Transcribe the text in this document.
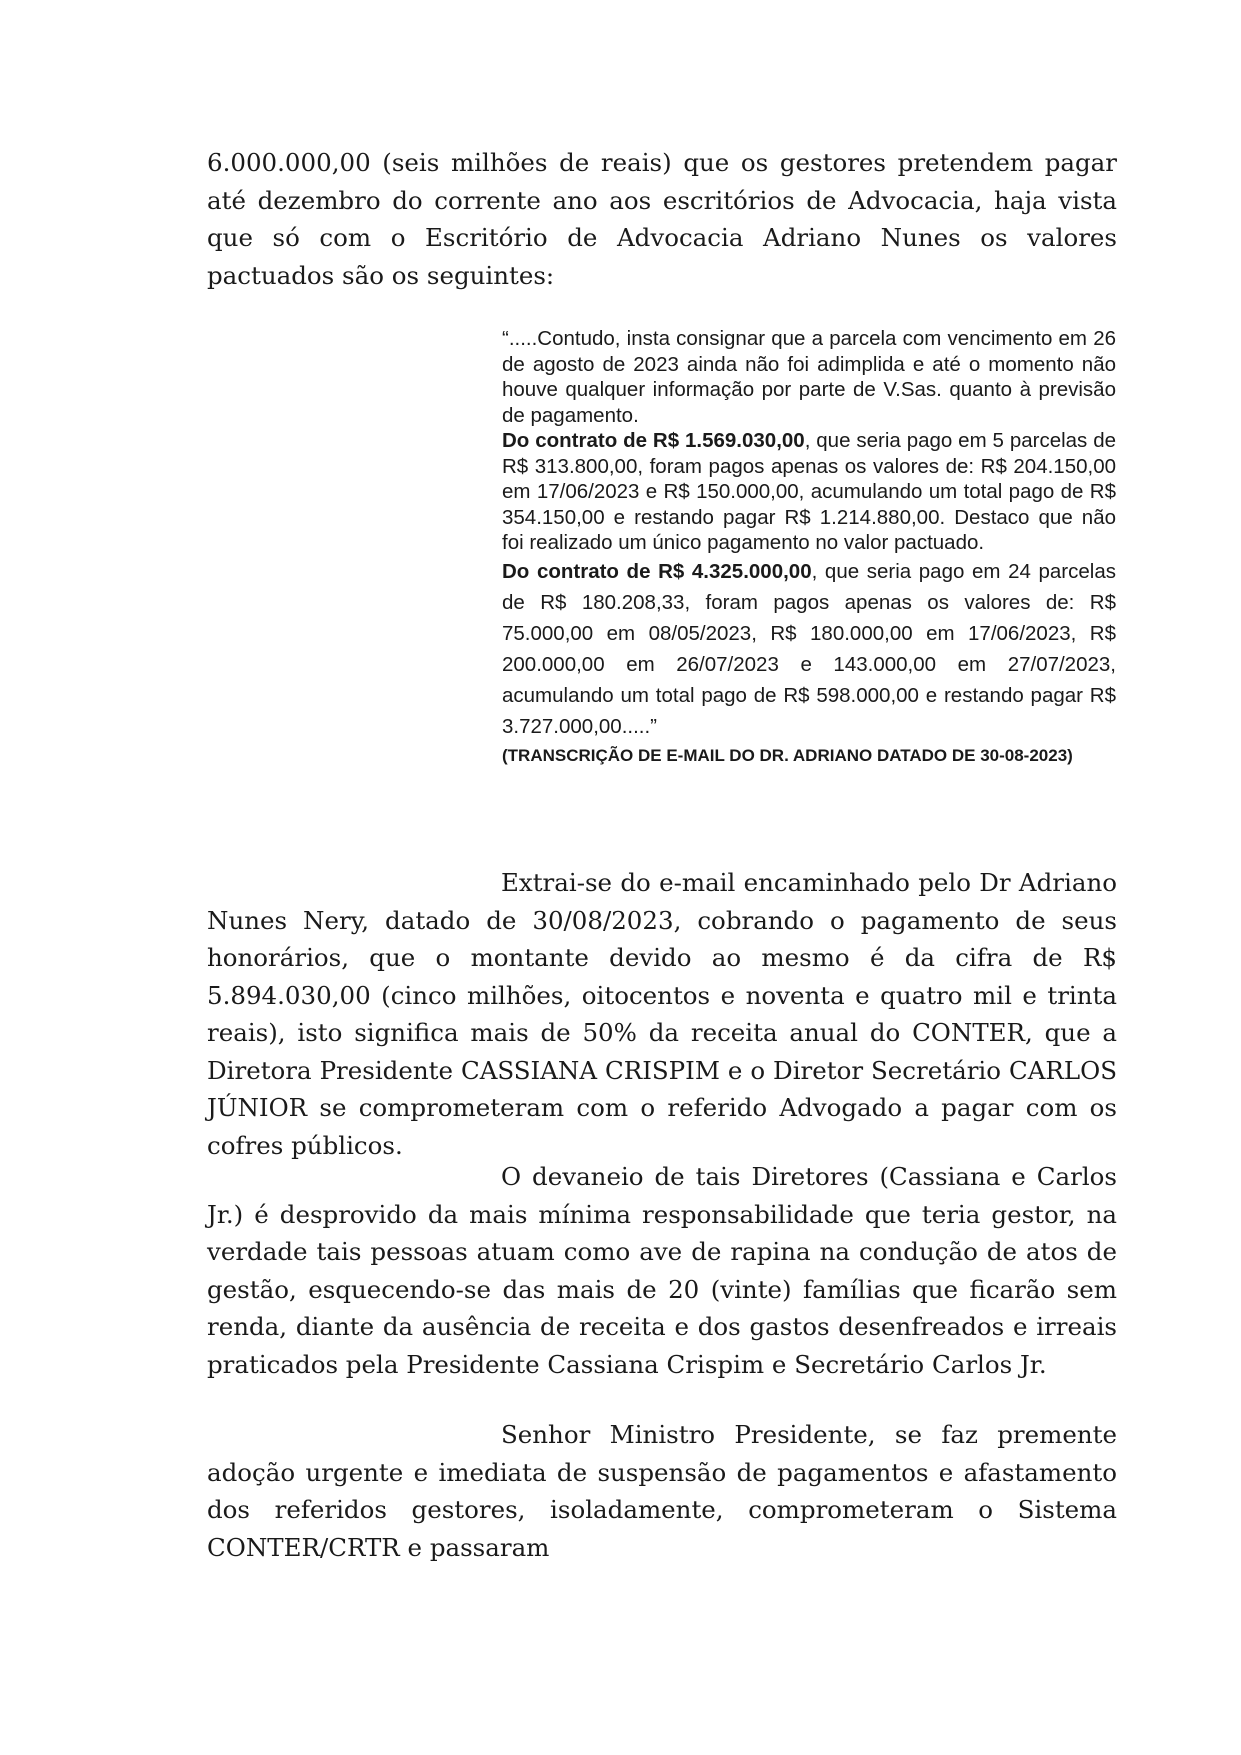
6.000.000,00 (seis milhões de reais) que os gestores pretendem pagar até dezembro do corrente ano aos escritórios de Advocacia, haja vista que só com o Escritório de Advocacia Adriano Nunes os valores pactuados são os seguintes:

“.....Contudo, insta consignar que a parcela com vencimento em 26 de agosto de 2023 ainda não foi adimplida e até o momento não houve qualquer informação por parte de V.Sas. quanto à previsão de pagamento.

Do contrato de R$ 1.569.030,00, que seria pago em 5 parcelas de R$ 313.800,00, foram pagos apenas os valores de: R$ 204.150,00 em 17/06/2023 e R$ 150.000,00, acumulando um total pago de R$ 354.150,00 e restando pagar R$ 1.214.880,00. Destaco que não foi realizado um único pagamento no valor pactuado.

Do contrato de R$ 4.325.000,00, que seria pago em 24 parcelas de R$ 180.208,33, foram pagos apenas os valores de: R$ 75.000,00 em 08/05/2023, R$ 180.000,00 em 17/06/2023, R$ 200.000,00 em 26/07/2023 e 143.000,00 em 27/07/2023, acumulando um total pago de R$ 598.000,00 e restando pagar R$ 3.727.000,00.....”

(TRANSCRIÇÃO DE E-MAIL DO DR. ADRIANO DATADO DE 30-08-2023)

Extrai-se do e-mail encaminhado pelo Dr Adriano Nunes Nery, datado de 30/08/2023, cobrando o pagamento de seus honorários, que o montante devido ao mesmo é da cifra de R$ 5.894.030,00 (cinco milhões, oitocentos e noventa e quatro mil e trinta reais), isto significa mais de 50% da receita anual do CONTER, que a Diretora Presidente CASSIANA CRISPIM e o Diretor Secretário CARLOS JÚNIOR se comprometeram com o referido Advogado a pagar com os cofres públicos.

O devaneio de tais Diretores (Cassiana e Carlos Jr.) é desprovido da mais mínima responsabilidade que teria gestor, na verdade tais pessoas atuam como ave de rapina na condução de atos de gestão, esquecendo-se das mais de 20 (vinte) famílias que ficarão sem renda, diante da ausência de receita e dos gastos desenfreados e irreais praticados pela Presidente Cassiana Crispim e Secretário Carlos Jr.

Senhor Ministro Presidente, se faz premente adoção urgente e imediata de suspensão de pagamentos e afastamento dos referidos gestores, isoladamente, comprometeram o Sistema CONTER/CRTR e passaram
